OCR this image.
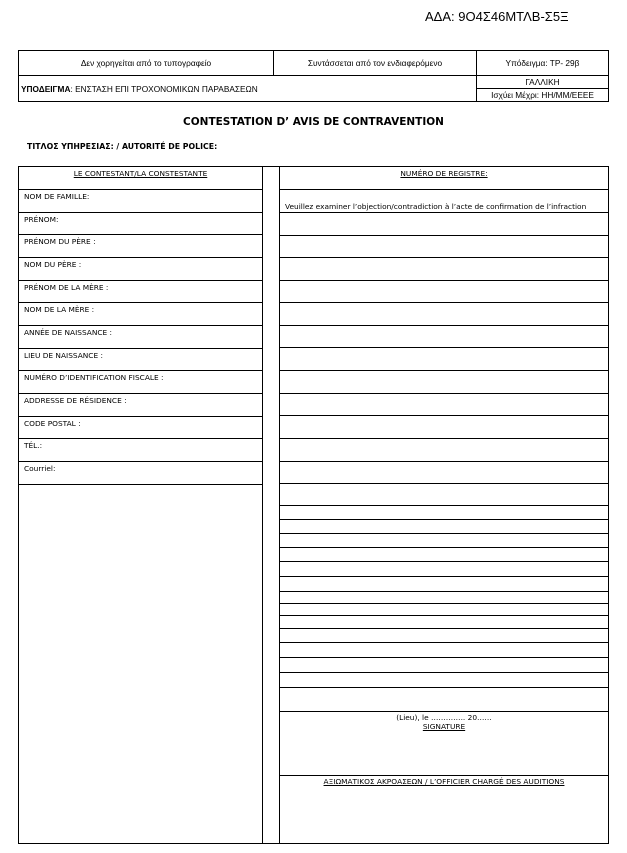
ΑΔΑ: 9Ο4Σ46ΜΤΛΒ-Σ5Ξ
Δεν χορηγείται από το τυπογραφείο	Συντάσσεται από τον ενδιαφερόμενο	Υπόδειγμα: ΤΡ- 29β
ΥΠΟΔΕΙΓΜΑ: ΕΝΣΤΑΣΗ ΕΠΙ ΤΡΟΧΟΝΟΜΙΚΩΝ ΠΑΡΑΒΑΣΕΩΝ		ΓΑΛΛΙΚΗ
		Ισχύει Μέχρι: ΗΗ/ΜΜ/ΕΕΕΕ
CONTESTATION D’ AVIS DE CONTRAVENTION
ΤΙΤΛΟΣ ΥΠΗΡΕΣΙΑΣ: / AUTORITÉ DE POLICE:
LE CONTESTANT/LA CONSTESTANTE
NOM DE FAMILLE:
PRÉNOM:
PRÉNOM DU PÈRE :
NOM DU PÈRE :
PRÉNOM DE LA MÈRE :
NOM DE LA MÈRE :
ANNÉE DE NAISSANCE :
LIEU DE NAISSANCE :
NUMÉRO D’IDENTIFICATION FISCALE :
ADDRESSE DE RÉSIDENCE :
CODE POSTAL :
TÉL.:
Courriel:
NUMÉRO DE REGISTRE:
Veuillez examiner l’objection/contradiction à l’acte de confirmation de l’infraction
(Lieu), le ………….. 20……
SIGNATURE
ΑΞΙΩΜΑΤΙΚΟΣ ΑΚΡΟΑΣΕΩΝ / L’OFFICIER CHARGÉ DES AUDITIONS
